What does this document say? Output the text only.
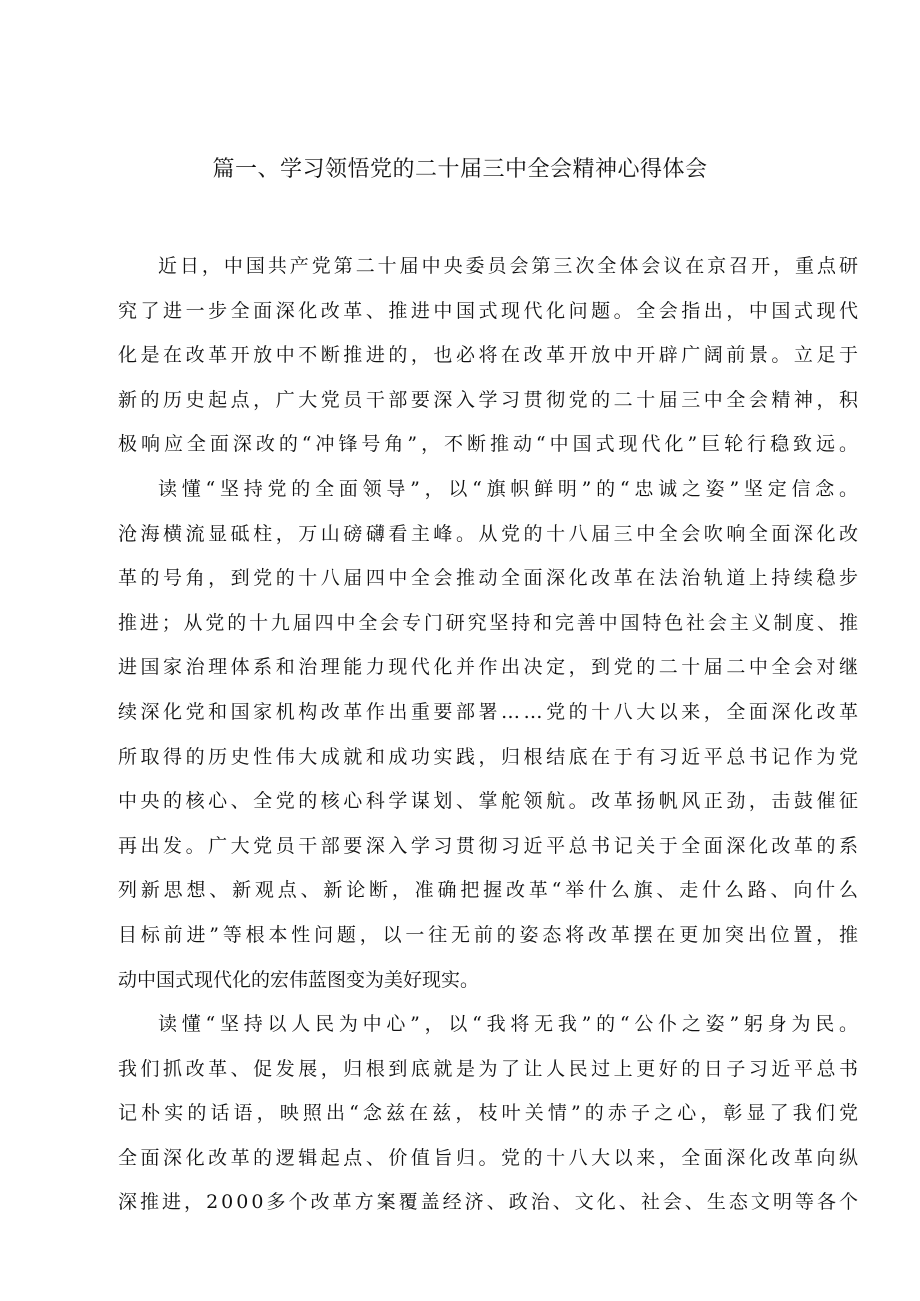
篇一、学习领悟党的二十届三中全会精神心得体会
近日，中国共产党第二十届中央委员会第三次全体会议在京召开，重点研
究了进一步全面深化改革、推进中国式现代化问题。全会指出，中国式现代
化是在改革开放中不断推进的，也必将在改革开放中开辟广阔前景。立足于
新的历史起点，广大党员干部要深入学习贯彻党的二十届三中全会精神，积
极响应全面深改的“冲锋号角”，不断推动“中国式现代化”巨轮行稳致远。
读懂“坚持党的全面领导”，以“旗帜鲜明”的“忠诚之姿”坚定信念。
沧海横流显砥柱，万山磅礴看主峰。从党的十八届三中全会吹响全面深化改
革的号角，到党的十八届四中全会推动全面深化改革在法治轨道上持续稳步
推进；从党的十九届四中全会专门研究坚持和完善中国特色社会主义制度、推
进国家治理体系和治理能力现代化并作出决定，到党的二十届二中全会对继
续深化党和国家机构改革作出重要部署……党的十八大以来，全面深化改革
所取得的历史性伟大成就和成功实践，归根结底在于有习近平总书记作为党
中央的核心、全党的核心科学谋划、掌舵领航。改革扬帆风正劲，击鼓催征
再出发。广大党员干部要深入学习贯彻习近平总书记关于全面深化改革的系
列新思想、新观点、新论断，准确把握改革“举什么旗、走什么路、向什么
目标前进”等根本性问题，以一往无前的姿态将改革摆在更加突出位置，推
动中国式现代化的宏伟蓝图变为美好现实。
读懂“坚持以人民为中心”，以“我将无我”的“公仆之姿”躬身为民。
我们抓改革、促发展，归根到底就是为了让人民过上更好的日子习近平总书
记朴实的话语，映照出“念兹在兹，枝叶关情”的赤子之心，彰显了我们党
全面深化改革的逻辑起点、价值旨归。党的十八大以来，全面深化改革向纵
深推进，2000多个改革方案覆盖经济、政治、文化、社会、生态文明等各个
